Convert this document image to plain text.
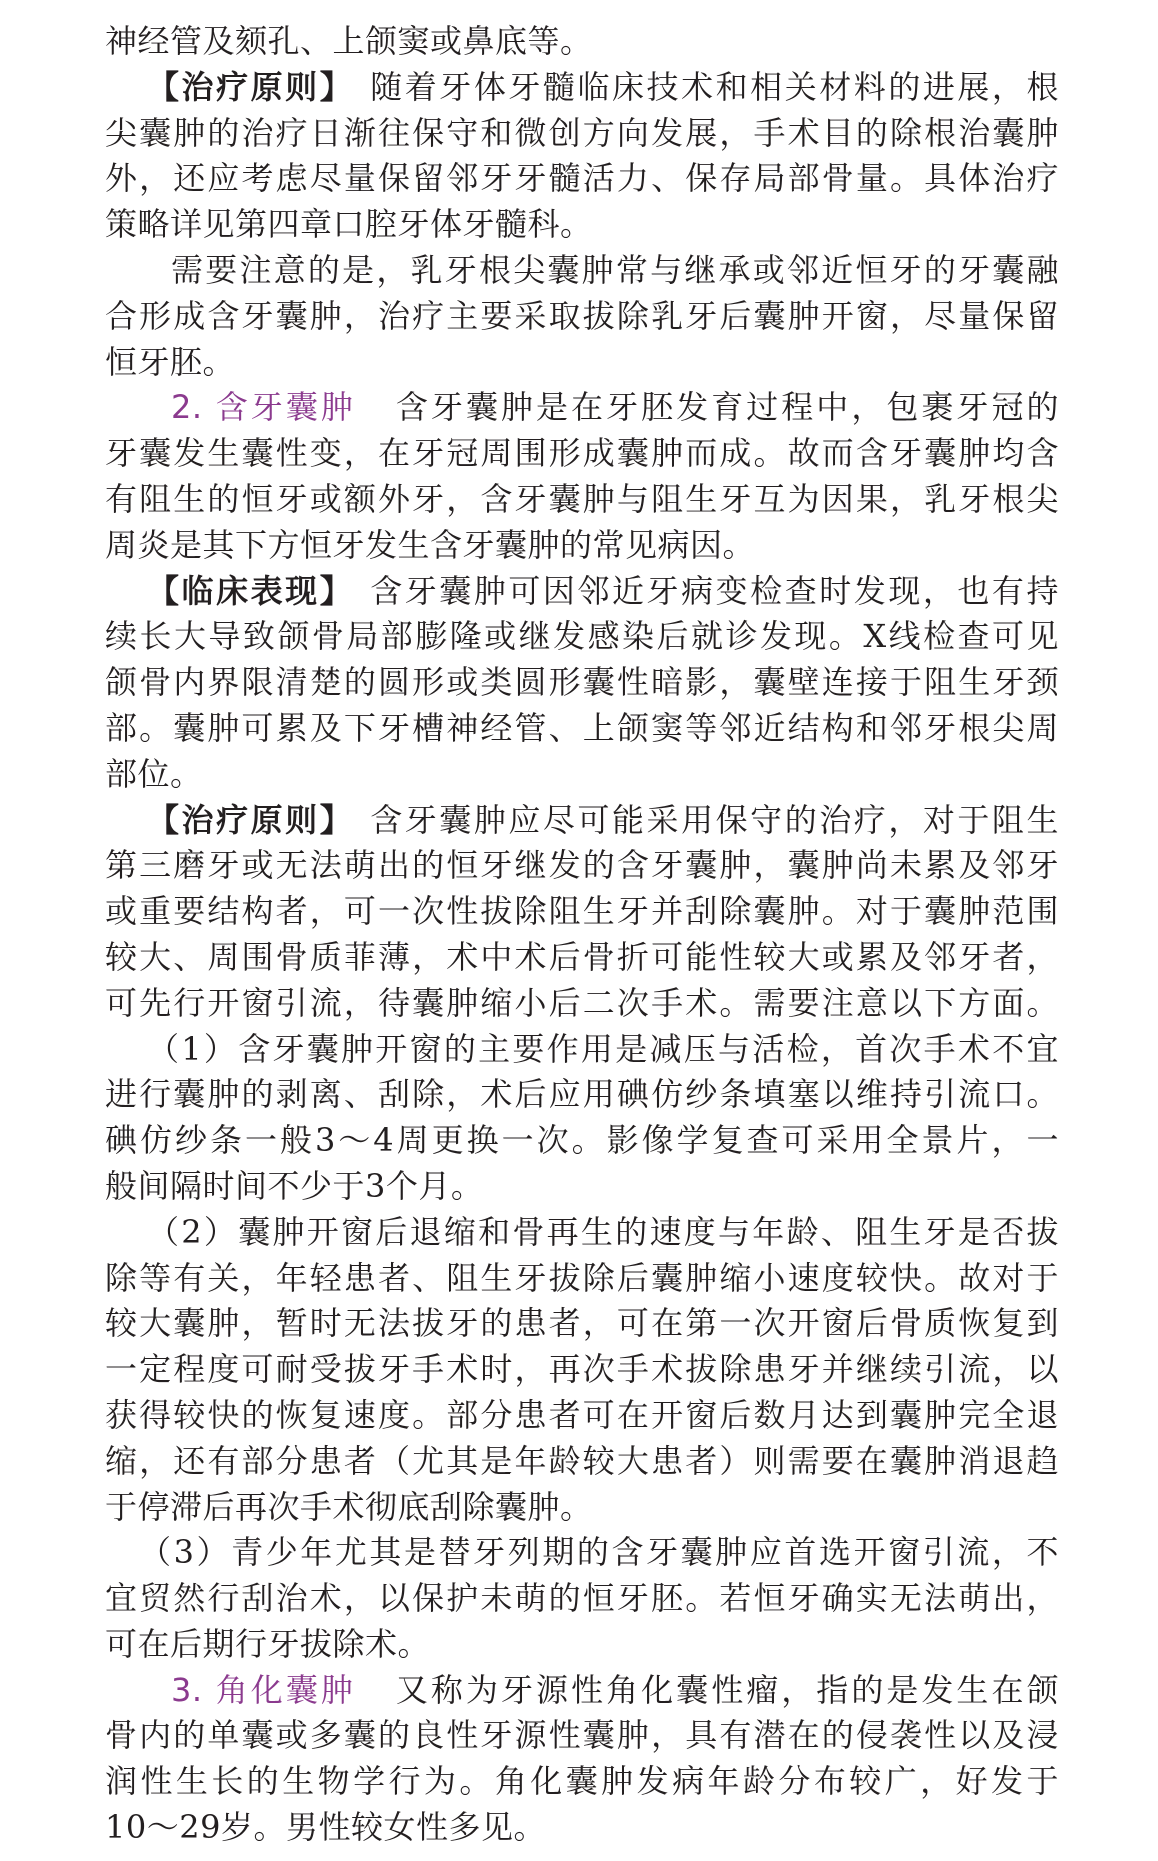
神经管及颏孔、上颌窦或鼻底等。
【治疗原则】 随着牙体牙髓临床技术和相关材料的进展，根
尖囊肿的治疗日渐往保守和微创方向发展，手术目的除根治囊肿
外，还应考虑尽量保留邻牙牙髓活力、保存局部骨量。具体治疗
策略详见第四章口腔牙体牙髓科。
需要注意的是，乳牙根尖囊肿常与继承或邻近恒牙的牙囊融
合形成含牙囊肿，治疗主要采取拔除乳牙后囊肿开窗，尽量保留
恒牙胚。
2. 含牙囊肿 含牙囊肿是在牙胚发育过程中，包裹牙冠的
牙囊发生囊性变，在牙冠周围形成囊肿而成。故而含牙囊肿均含
有阻生的恒牙或额外牙，含牙囊肿与阻生牙互为因果，乳牙根尖
周炎是其下方恒牙发生含牙囊肿的常见病因。
【临床表现】 含牙囊肿可因邻近牙病变检查时发现，也有持
续长大导致颌骨局部膨隆或继发感染后就诊发现。X线检查可见
颌骨内界限清楚的圆形或类圆形囊性暗影，囊壁连接于阻生牙颈
部。囊肿可累及下牙槽神经管、上颌窦等邻近结构和邻牙根尖周
部位。
【治疗原则】 含牙囊肿应尽可能采用保守的治疗，对于阻生
第三磨牙或无法萌出的恒牙继发的含牙囊肿，囊肿尚未累及邻牙
或重要结构者，可一次性拔除阻生牙并刮除囊肿。对于囊肿范围
较大、周围骨质菲薄，术中术后骨折可能性较大或累及邻牙者，
可先行开窗引流，待囊肿缩小后二次手术。需要注意以下方面。
（1）含牙囊肿开窗的主要作用是减压与活检，首次手术不宜
进行囊肿的剥离、刮除，术后应用碘仿纱条填塞以维持引流口。
碘仿纱条一般3～4周更换一次。影像学复查可采用全景片，一
般间隔时间不少于3个月。
（2）囊肿开窗后退缩和骨再生的速度与年龄、阻生牙是否拔
除等有关，年轻患者、阻生牙拔除后囊肿缩小速度较快。故对于
较大囊肿，暂时无法拔牙的患者，可在第一次开窗后骨质恢复到
一定程度可耐受拔牙手术时，再次手术拔除患牙并继续引流，以
获得较快的恢复速度。部分患者可在开窗后数月达到囊肿完全退
缩，还有部分患者（尤其是年龄较大患者）则需要在囊肿消退趋
于停滞后再次手术彻底刮除囊肿。
（3）青少年尤其是替牙列期的含牙囊肿应首选开窗引流，不
宜贸然行刮治术，以保护未萌的恒牙胚。若恒牙确实无法萌出，
可在后期行牙拔除术。
3. 角化囊肿 又称为牙源性角化囊性瘤，指的是发生在颌
骨内的单囊或多囊的良性牙源性囊肿，具有潜在的侵袭性以及浸
润性生长的生物学行为。角化囊肿发病年龄分布较广，好发于
10～29岁。男性较女性多见。
